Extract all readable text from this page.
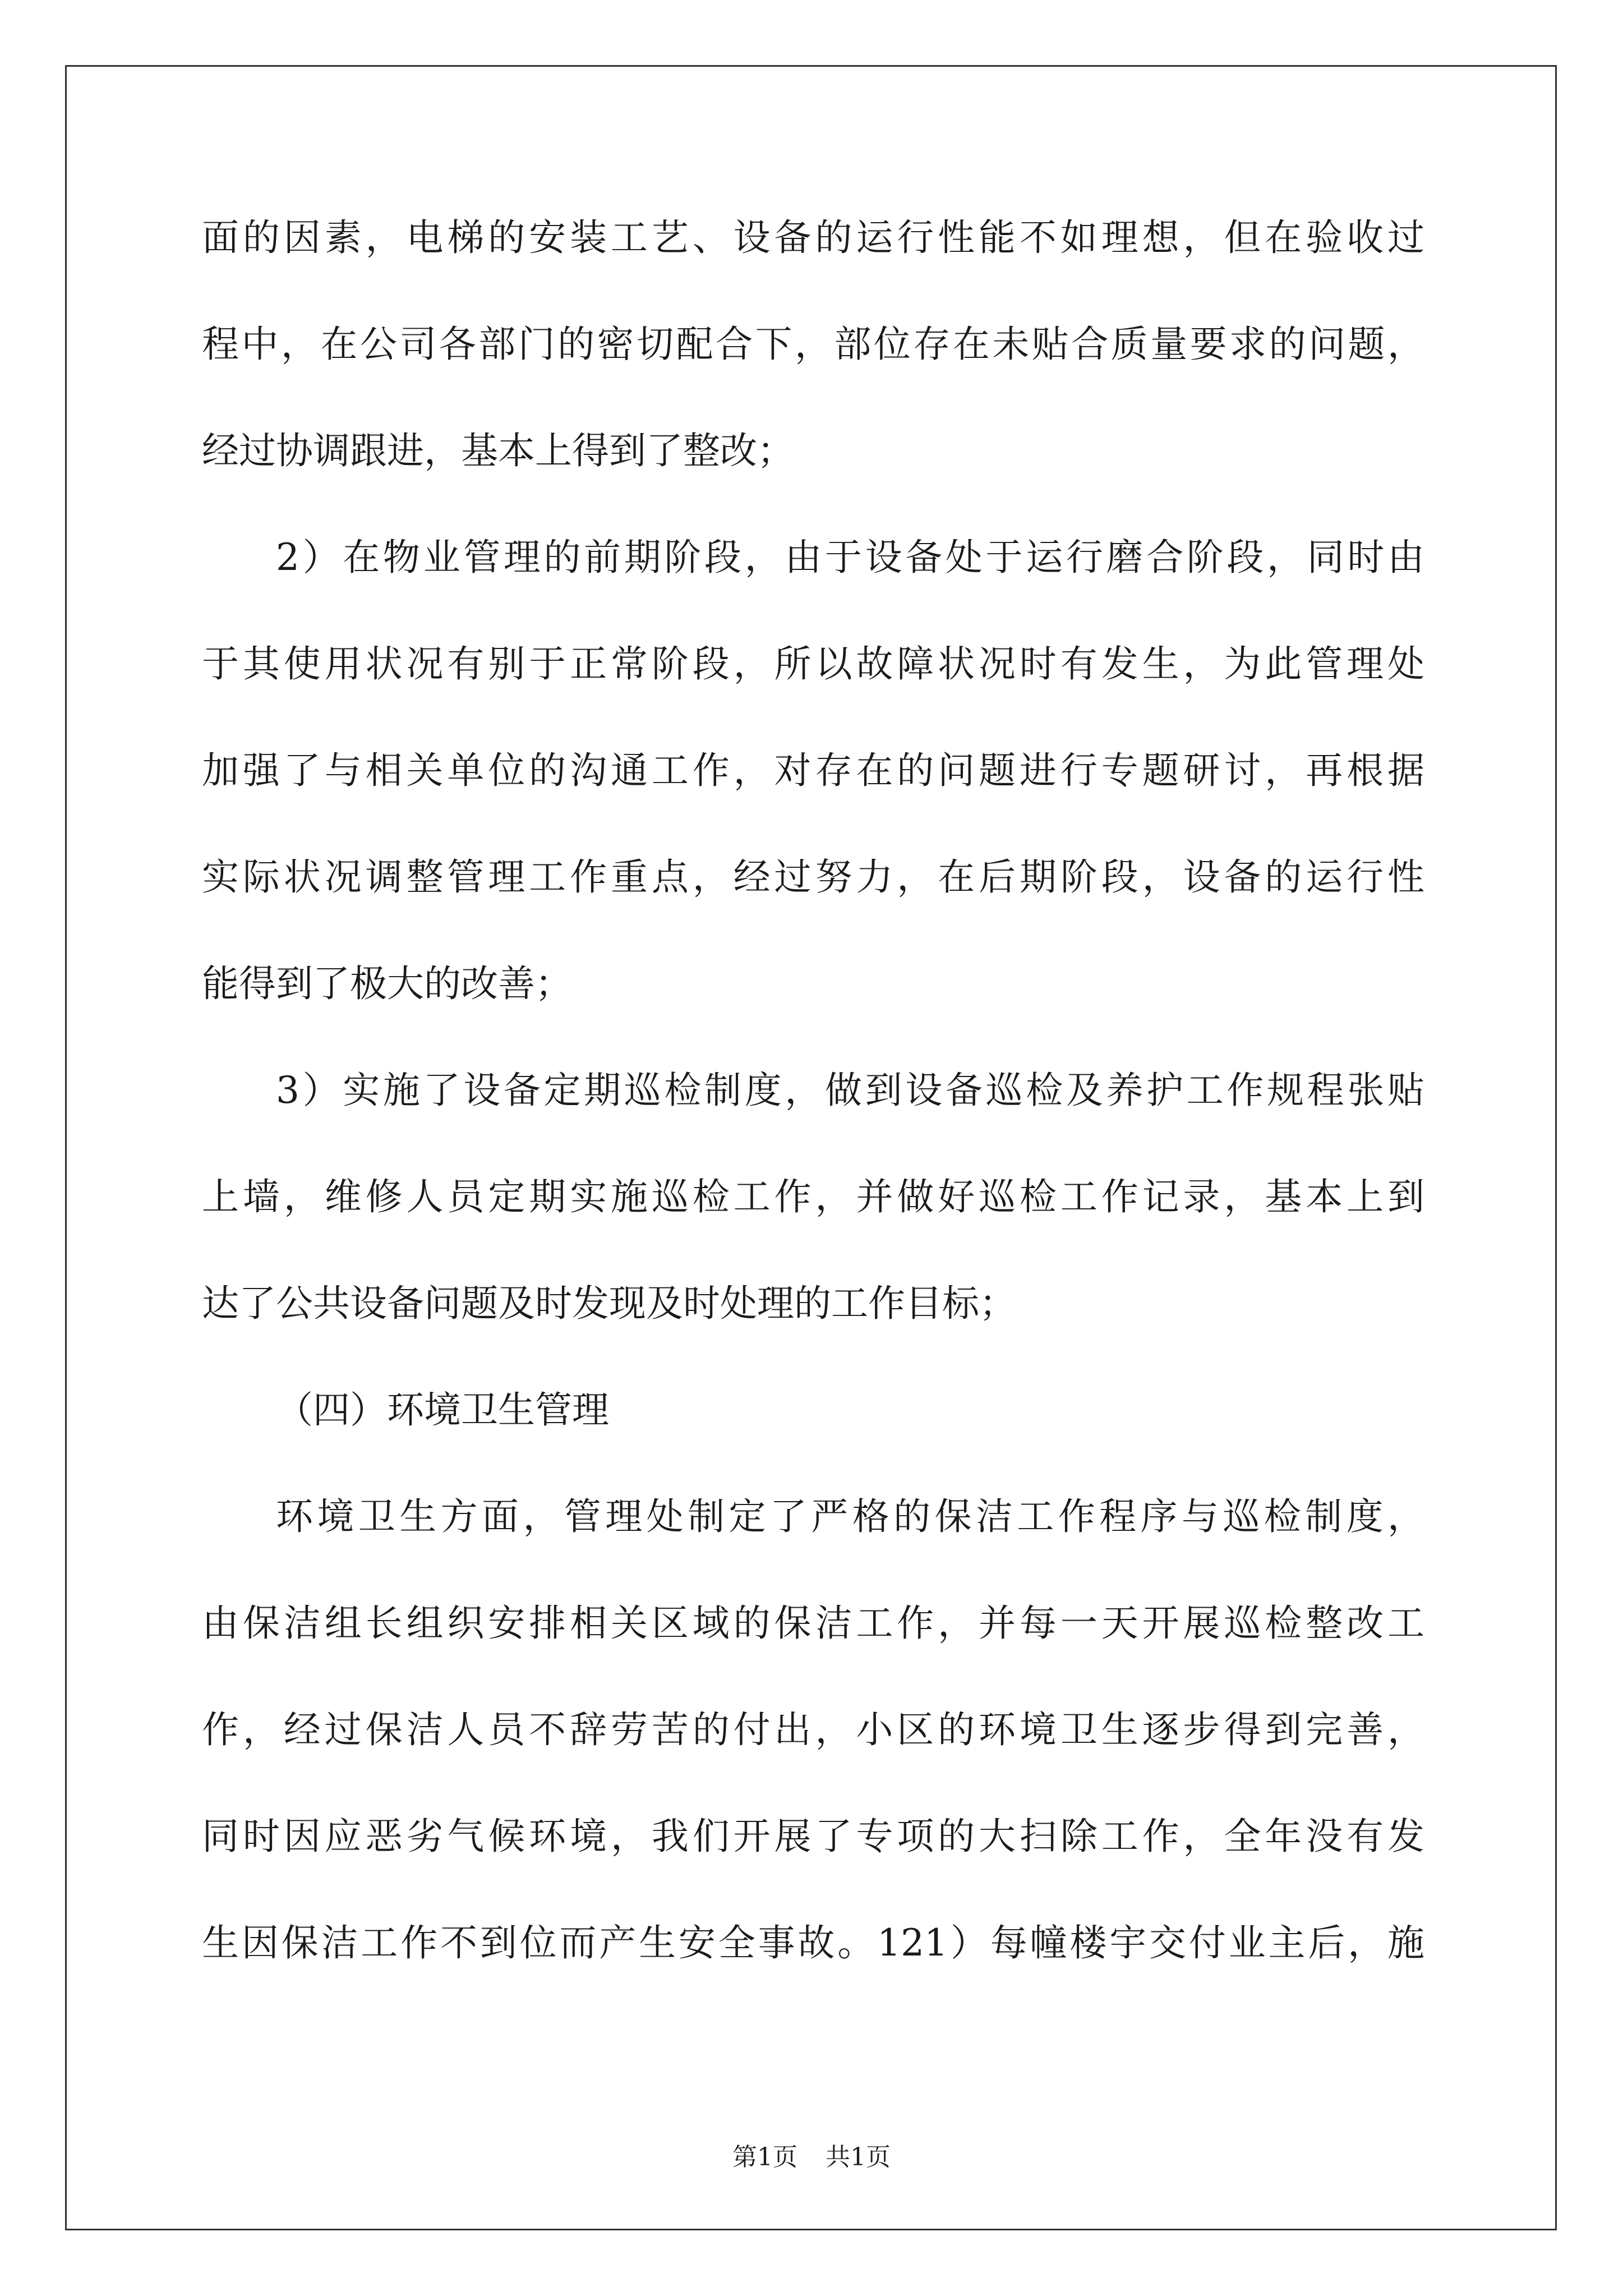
面的因素，电梯的安装工艺、设备的运行性能不如理想，但在验收过
程中，在公司各部门的密切配合下，部位存在未贴合质量要求的问题，
经过协调跟进，基本上得到了整改；
2）在物业管理的前期阶段，由于设备处于运行磨合阶段，同时由
于其使用状况有别于正常阶段，所以故障状况时有发生，为此管理处
加强了与相关单位的沟通工作，对存在的问题进行专题研讨，再根据
实际状况调整管理工作重点，经过努力，在后期阶段，设备的运行性
能得到了极大的改善；
3）实施了设备定期巡检制度，做到设备巡检及养护工作规程张贴
上墙，维修人员定期实施巡检工作，并做好巡检工作记录，基本上到
达了公共设备问题及时发现及时处理的工作目标；
（四）环境卫生管理
环境卫生方面，管理处制定了严格的保洁工作程序与巡检制度，
由保洁组长组织安排相关区域的保洁工作，并每一天开展巡检整改工
作，经过保洁人员不辞劳苦的付出，小区的环境卫生逐步得到完善，
同时因应恶劣气候环境，我们开展了专项的大扫除工作，全年没有发
生因保洁工作不到位而产生安全事故。121）每幢楼宇交付业主后，施
第1页 共1页
